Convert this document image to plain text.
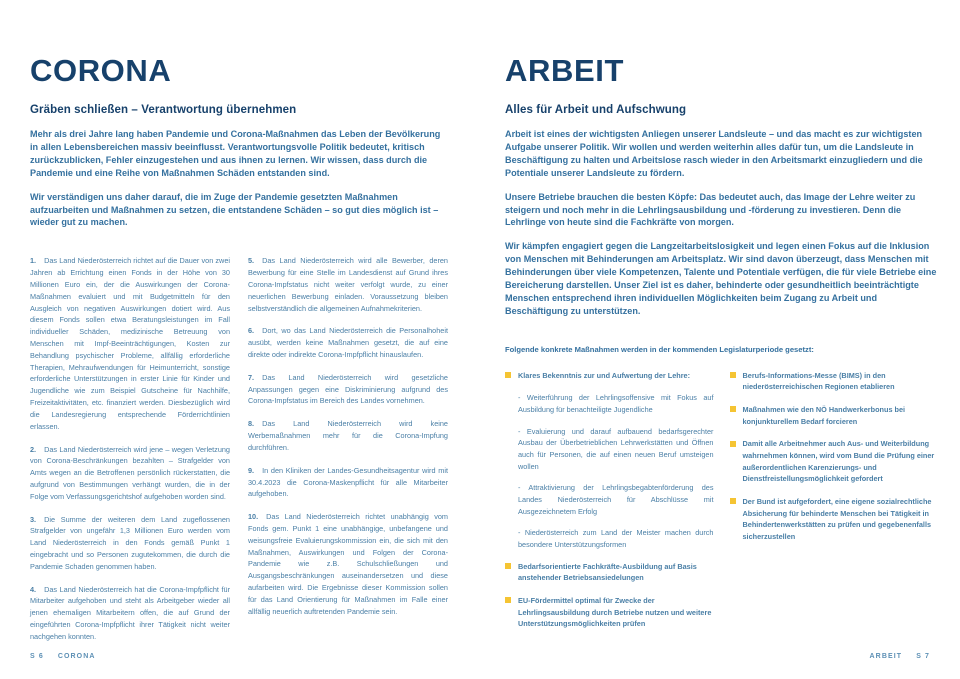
CORONA
Gräben schließen – Verantwortung übernehmen

Mehr als drei Jahre lang haben Pandemie und Corona-Maßnahmen das Leben der Bevölkerung in allen Lebensbereichen massiv beeinflusst. Verantwortungsvolle Politik bedeutet, kritisch zurückzublicken, Fehler einzugestehen und aus ihnen zu lernen. Wir wissen, dass durch die Pandemie und eine Reihe von Maßnahmen Schäden entstanden sind.

Wir verständigen uns daher darauf, die im Zuge der Pandemie gesetzten Maßnahmen aufzuarbeiten und Maßnahmen zu setzen, die entstandene Schäden – so gut dies möglich ist – wieder gut zu machen.

1. Das Land Niederösterreich richtet auf die Dauer von zwei Jahren ab Errichtung einen Fonds in der Höhe von 30 Millionen Euro ein, der die Auswirkungen der Corona-Maßnahmen evaluiert und mit Budgetmitteln für den Ausgleich von negativen Auswirkungen dotiert wird. Aus diesem Fonds sollen etwa Beratungsleistungen im Fall individueller Schäden, medizinische Betreuung von Menschen mit Impf-Beeinträchtigungen, Kosten zur Behandlung psychischer Probleme, allfällig erforderliche Therapien, Mehraufwendungen für Heimunterricht, sonstige erforderliche Unterstützungen in erster Linie für Kinder und Jugendliche wie zum Beispiel Gutscheine für Nachhilfe, Freizeitaktivitäten, etc. finanziert werden. Diesbezüglich wird die Landesregierung entsprechende Förderrichtlinien erlassen.

2. Das Land Niederösterreich wird jene – wegen Verletzung von Corona-Beschränkungen bezahlten – Strafgelder von Amts wegen an die Betroffenen persönlich rückerstatten, die aufgrund von Bestimmungen verhängt wurden, die in der Folge vom Verfassungsgerichtshof aufgehoben worden sind.

3. Die Summe der weiteren dem Land zugeflossenen Strafgelder von ungefähr 1,3 Millionen Euro werden vom Land Niederösterreich in den Fonds gemäß Punkt 1 eingebracht und so Personen zugutekommen, die durch die Pandemie Schaden genommen haben.

4. Das Land Niederösterreich hat die Corona-Impfpflicht für Mitarbeiter aufgehoben und steht als Arbeitgeber wieder all jenen ehemaligen Mitarbeitern offen, die auf Grund der eingeführten Corona-Impfpflicht ihrer Tätigkeit nicht weiter nachgehen konnten.

5. Das Land Niederösterreich wird alle Bewerber, deren Bewerbung für eine Stelle im Landesdienst auf Grund ihres Corona-Impfstatus nicht weiter verfolgt wurde, zu einer neuerlichen Bewerbung einladen. Voraussetzung bleiben selbstverständlich die allgemeinen Aufnahmekriterien.

6. Dort, wo das Land Niederösterreich die Personalhoheit ausübt, werden keine Maßnahmen gesetzt, die auf eine direkte oder indirekte Corona-Impfpflicht hinauslaufen.

7. Das Land Niederösterreich wird gesetzliche Anpassungen gegen eine Diskriminierung aufgrund des Corona-Impfstatus im Bereich des Landes vornehmen.

8. Das Land Niederösterreich wird keine Werbemaßnahmen mehr für die Corona-Impfung durchführen.

9. In den Kliniken der Landes-Gesundheitsagentur wird mit 30.4.2023 die Corona-Maskenpflicht für alle Mitarbeiter aufgehoben.

10. Das Land Niederösterreich richtet unabhängig vom Fonds gem. Punkt 1 eine unabhängige, unbefangene und weisungsfreie Evaluierungskommission ein, die sich mit den Maßnahmen, Auswirkungen und Folgen der Corona-Pandemie wie z.B. Schulschließungen und Ausgangsbeschränkungen auseinandersetzen und diese aufarbeiten wird. Die Ergebnisse dieser Kommission sollen für das Land Orientierung für Maßnahmen im Falle einer allfällig neuerlich auftretenden Pandemie sein.

ARBEIT
Alles für Arbeit und Aufschwung

Arbeit ist eines der wichtigsten Anliegen unserer Landsleute – und das macht es zur wichtigsten Aufgabe unserer Politik. Wir wollen und werden weiterhin alles dafür tun, um die Landsleute in Beschäftigung zu halten und Arbeitslose rasch wieder in den Arbeitsmarkt einzugliedern und die Potentiale unserer Landsleute zu fördern.

Unsere Betriebe brauchen die besten Köpfe: Das bedeutet auch, das Image der Lehre weiter zu steigern und noch mehr in die Lehrlingsausbildung und -förderung zu investieren. Denn die Lehrlinge von heute sind die Fachkräfte von morgen.

Wir kämpfen engagiert gegen die Langzeitarbeitslosigkeit und legen einen Fokus auf die Inklusion von Menschen mit Behinderungen am Arbeitsplatz. Wir sind davon überzeugt, dass Menschen mit Behinderungen über viele Kompetenzen, Talente und Potentiale verfügen, die für viele Betriebe eine Bereicherung darstellen. Unser Ziel ist es daher, behinderte oder gesundheitlich beeinträchtigte Menschen entsprechend ihren individuellen Möglichkeiten beim Zugang zu Arbeit und Beschäftigung zu unterstützen.

Folgende konkrete Maßnahmen werden in der kommenden Legislaturperiode gesetzt:

Klares Bekenntnis zur und Aufwertung der Lehre:

- Weiterführung der Lehrlingsoffensive mit Fokus auf Ausbildung für benachteiligte Jugendliche

- Evaluierung und darauf aufbauend bedarfsgerechter Ausbau der Überbetrieblichen Lehrwerkstätten und Öffnen auch für Personen, die auf einen neuen Beruf umsteigen wollen

- Attraktivierung der Lehrlingsbegabtenförderung des Landes Niederösterreich für Abschlüsse mit Ausgezeichnetem Erfolg

- Niederösterreich zum Land der Meister machen durch besondere Unterstützungsformen

Bedarfsorientierte Fachkräfte-Ausbildung auf Basis anstehender Betriebsansiedelungen
EU-Fördermittel optimal für Zwecke der Lehrlingsausbildung durch Betriebe nutzen und weitere Unterstützungsmöglichkeiten prüfen
Berufs-Informations-Messe (BIMS) in den niederösterreichischen Regionen etablieren
Maßnahmen wie den NÖ Handwerkerbonus bei konjunkturellem Bedarf forcieren
Damit alle Arbeitnehmer auch Aus- und Weiterbildung wahrnehmen können, wird vom Bund die Prüfung einer außerordentlichen Karenzierungs- und Dienstfreistellungsmöglichkeit gefordert
Der Bund ist aufgefordert, eine eigene sozialrechtliche Absicherung für behinderte Menschen bei Tätigkeit in Behindertenwerkstätten zu prüfen und gegebenenfalls sicherzustellen
S 6 CORONA	ARBEIT S 7
